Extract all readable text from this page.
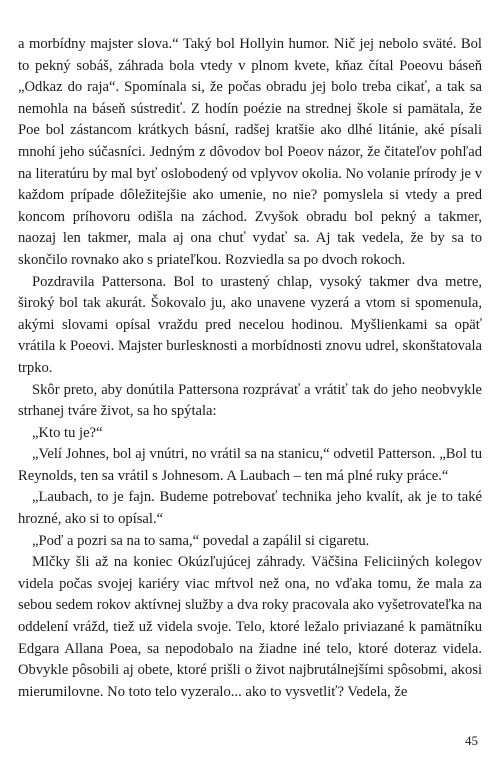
a morbídny majster slova.“ Taký bol Hollyin humor. Nič jej nebolo sväté. Bol to pekný sobáš, záhrada bola vtedy v plnom kvete, kňaz čítal Poeovu báseň „Odkaz do raja“. Spomínala si, že počas obradu jej bolo treba cikať, a tak sa nemohla na báseň sústrediť. Z hodín poézie na strednej škole si pamätala, že Poe bol zástancom krátkych básní, radšej kratšie ako dlhé litánie, aké písali mnohí jeho súčasníci. Jedným z dôvodov bol Poeov názor, že čitateľov pohľad na literatúru by mal byť oslobodený od vplyvov okolia. No volanie prírody je v každom prípade dôležitejšie ako umenie, no nie? pomyslela si vtedy a pred koncom príhovoru odišla na záchod. Zvyšok obradu bol pekný a takmer, naozaj len takmer, mala aj ona chuť vydať sa. Aj tak vedela, že by sa to skončilo rovnako ako s priateľkou. Rozviedla sa po dvoch rokoch.

Pozdravila Pattersona. Bol to urastený chlap, vysoký takmer dva metre, široký bol tak akurát. Šokovalo ju, ako unavene vyzerá a vtom si spomenula, akými slovami opísal vraždu pred necelou hodinou. Myšlienkami sa opäť vrátila k Poeovi. Majster burlesknosti a morbídnosti znovu udrel, skonštatovala trpko.

Skôr preto, aby donútila Pattersona rozprávať a vrátiť tak do jeho neobvykle strhanej tváre život, sa ho spýtala:

„Kto tu je?“

„Velí Johnes, bol aj vnútri, no vrátil sa na stanicu,“ odvetil Patterson. „Bol tu Reynolds, ten sa vrátil s Johnesom. A Laubach – ten má plné ruky práce.“

„Laubach, to je fajn. Budeme potrebovať technika jeho kvalít, ak je to také hrozné, ako si to opísal.“

„Poď a pozri sa na to sama,“ povedal a zapálil si cigaretu.

Mlčky šli až na koniec Okúzľujúcej záhrady. Väčšina Feliciiných kolegov videla počas svojej kariéry viac mŕtvol než ona, no vďaka tomu, že mala za sebou sedem rokov aktívnej služby a dva roky pracovala ako vyšetrovateľka na oddelení vrážd, tiež už videla svoje. Telo, ktoré ležalo priviazané k pamätníku Edgara Allana Poea, sa nepodobalo na žiadne iné telo, ktoré doteraz videla. Obvykle pôsobili aj obete, ktoré prišli o život najbrutálnejšími spôsobmi, akosi mierumilovne. No toto telo vyzeralo... ako to vysvetliť? Vedela, že

45
